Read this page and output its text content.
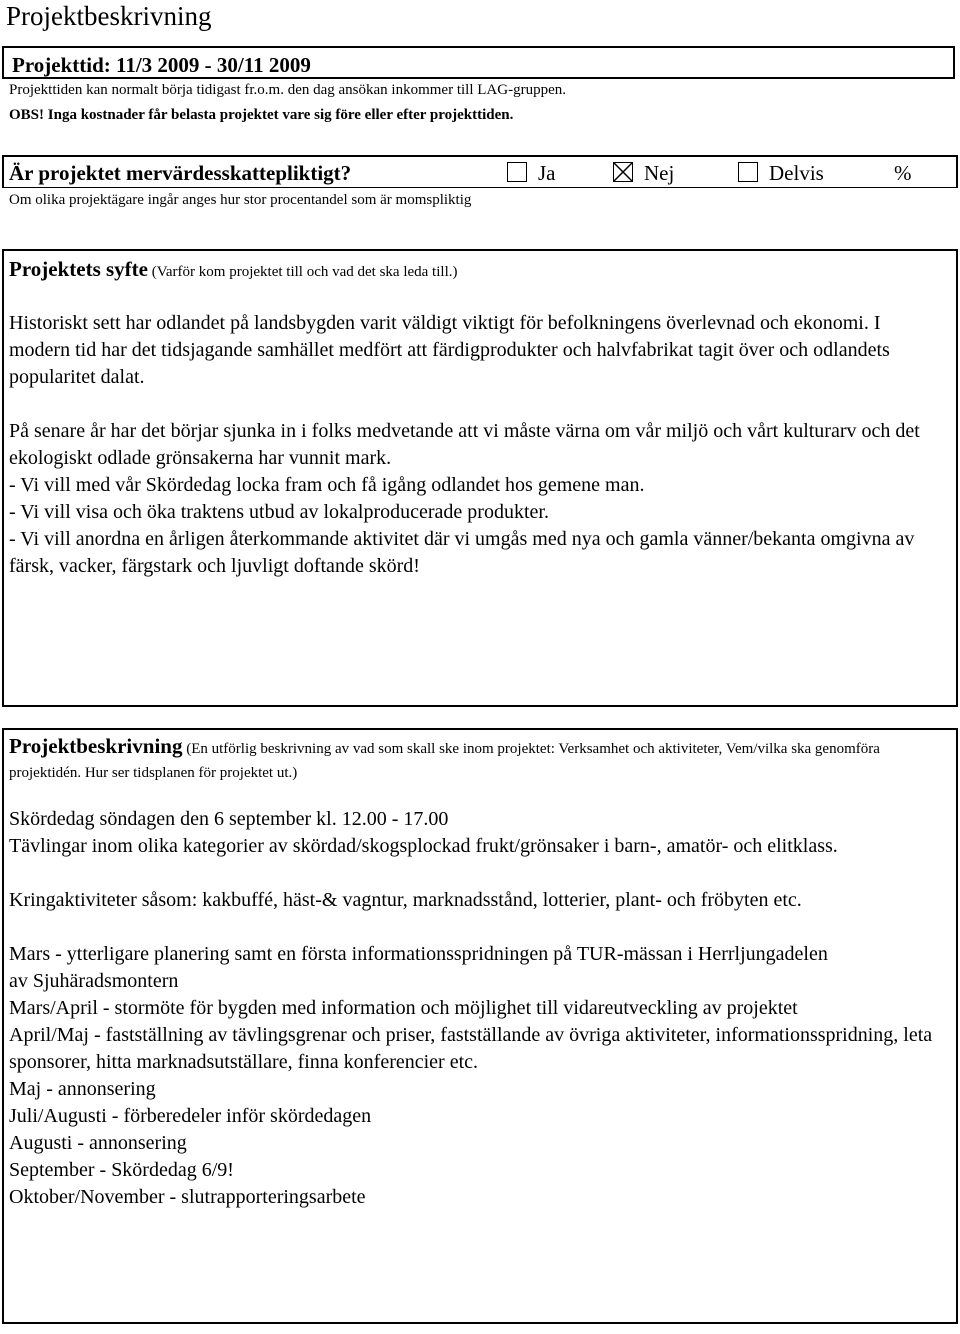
Projektbeskrivning
Projekttid: 11/3 2009 - 30/11 2009
Projekttiden kan normalt börja tidigast fr.o.m. den dag ansökan inkommer till LAG-gruppen.
OBS! Inga kostnader får belasta projektet vare sig före eller efter projekttiden.
Är projektet mervärdesskattepliktigt?	Ja	Nej	Delvis	%
Om olika projektägare ingår anges hur stor procentandel som är momspliktig
Projektets syfte (Varför kom projektet till och vad det ska leda till.)
Historiskt sett har odlandet på landsbygden varit väldigt viktigt för befolkningens överlevnad och ekonomi. I modern tid har det tidsjagande samhället medfört att färdigprodukter och halvfabrikat tagit över och odlandets popularitet dalat.
På senare år har det börjar sjunka in i folks medvetande att vi måste värna om vår miljö och vårt kulturarv och det ekologiskt odlade grönsakerna har vunnit mark.
- Vi vill med vår Skördedag locka fram och få igång odlandet hos gemene man.
- Vi vill visa och öka traktens utbud av lokalproducerade produkter.
- Vi vill anordna en årligen återkommande aktivitet där vi umgås med nya och gamla vänner/bekanta omgivna av färsk, vacker, färgstark och ljuvligt doftande skörd!
Projektbeskrivning (En utförlig beskrivning av vad som skall ske inom projektet: Verksamhet och aktiviteter, Vem/vilka ska genomföra projektidén. Hur ser tidsplanen för projektet ut.)
Skördedag söndagen den 6 september kl. 12.00 - 17.00
Tävlingar inom olika kategorier av skördad/skogsplockad frukt/grönsaker i barn-, amatör- och elitklass.
Kringaktiviteter såsom: kakbuffé, häst-& vagntur, marknadsstånd, lotterier, plant- och fröbyten etc.
Mars - ytterligare planering samt en första informationsspridningen på TUR-mässan i Herrljungadelen av Sjuhäradsmontern
Mars/April - stormöte för bygden med information och möjlighet till vidareutveckling av projektet
April/Maj - fastställning av tävlingsgrenar och priser, fastställande av övriga aktiviteter, informationsspridning, leta sponsorer, hitta marknadsutställare, finna konferencier etc.
Maj - annonsering
Juli/Augusti - förberedeler inför skördedagen
Augusti - annonsering
September - Skördedag 6/9!
Oktober/November - slutrapporteringsarbete
